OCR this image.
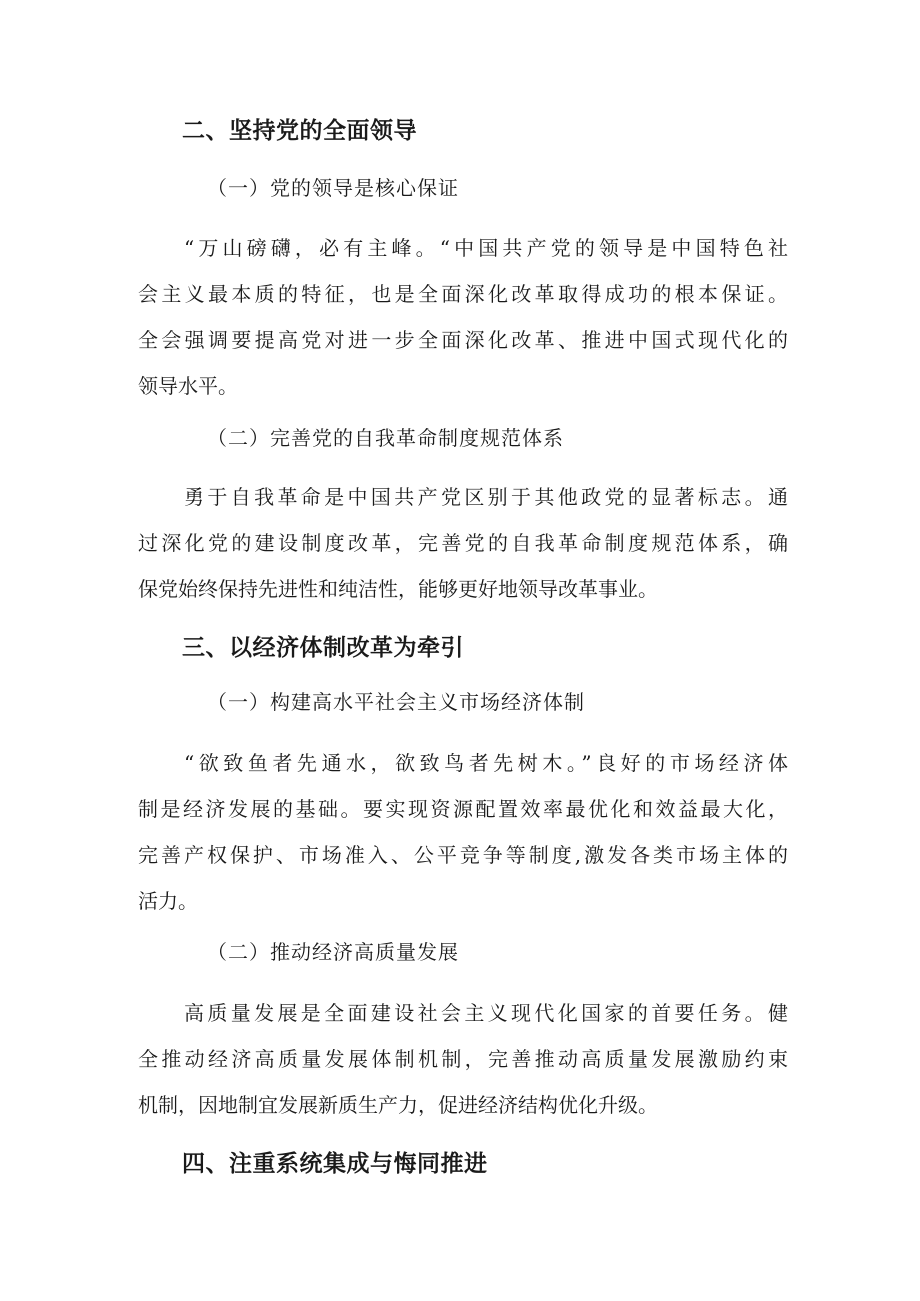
二、坚持党的全面领导
（一）党的领导是核心保证
“万山磅礴，必有主峰。“中国共产党的领导是中国特色社
会主义最本质的特征，也是全面深化改革取得成功的根本保证。
全会强调要提高党对进一步全面深化改革、推进中国式现代化的
领导水平。
（二）完善党的自我革命制度规范体系
勇于自我革命是中国共产党区别于其他政党的显著标志。通
过深化党的建设制度改革，完善党的自我革命制度规范体系，确
保党始终保持先进性和纯洁性，能够更好地领导改革事业。
三、以经济体制改革为牵引
（一）构建高水平社会主义市场经济体制
“欲致鱼者先通水，欲致鸟者先树木。”良好的市场经济体
制是经济发展的基础。要实现资源配置效率最优化和效益最大化，
完善产权保护、市场准入、公平竞争等制度,激发各类市场主体的
活力。
（二）推动经济高质量发展
高质量发展是全面建设社会主义现代化国家的首要任务。健
全推动经济高质量发展体制机制，完善推动高质量发展激励约束
机制，因地制宜发展新质生产力，促进经济结构优化升级。
四、注重系统集成与悔同推进
